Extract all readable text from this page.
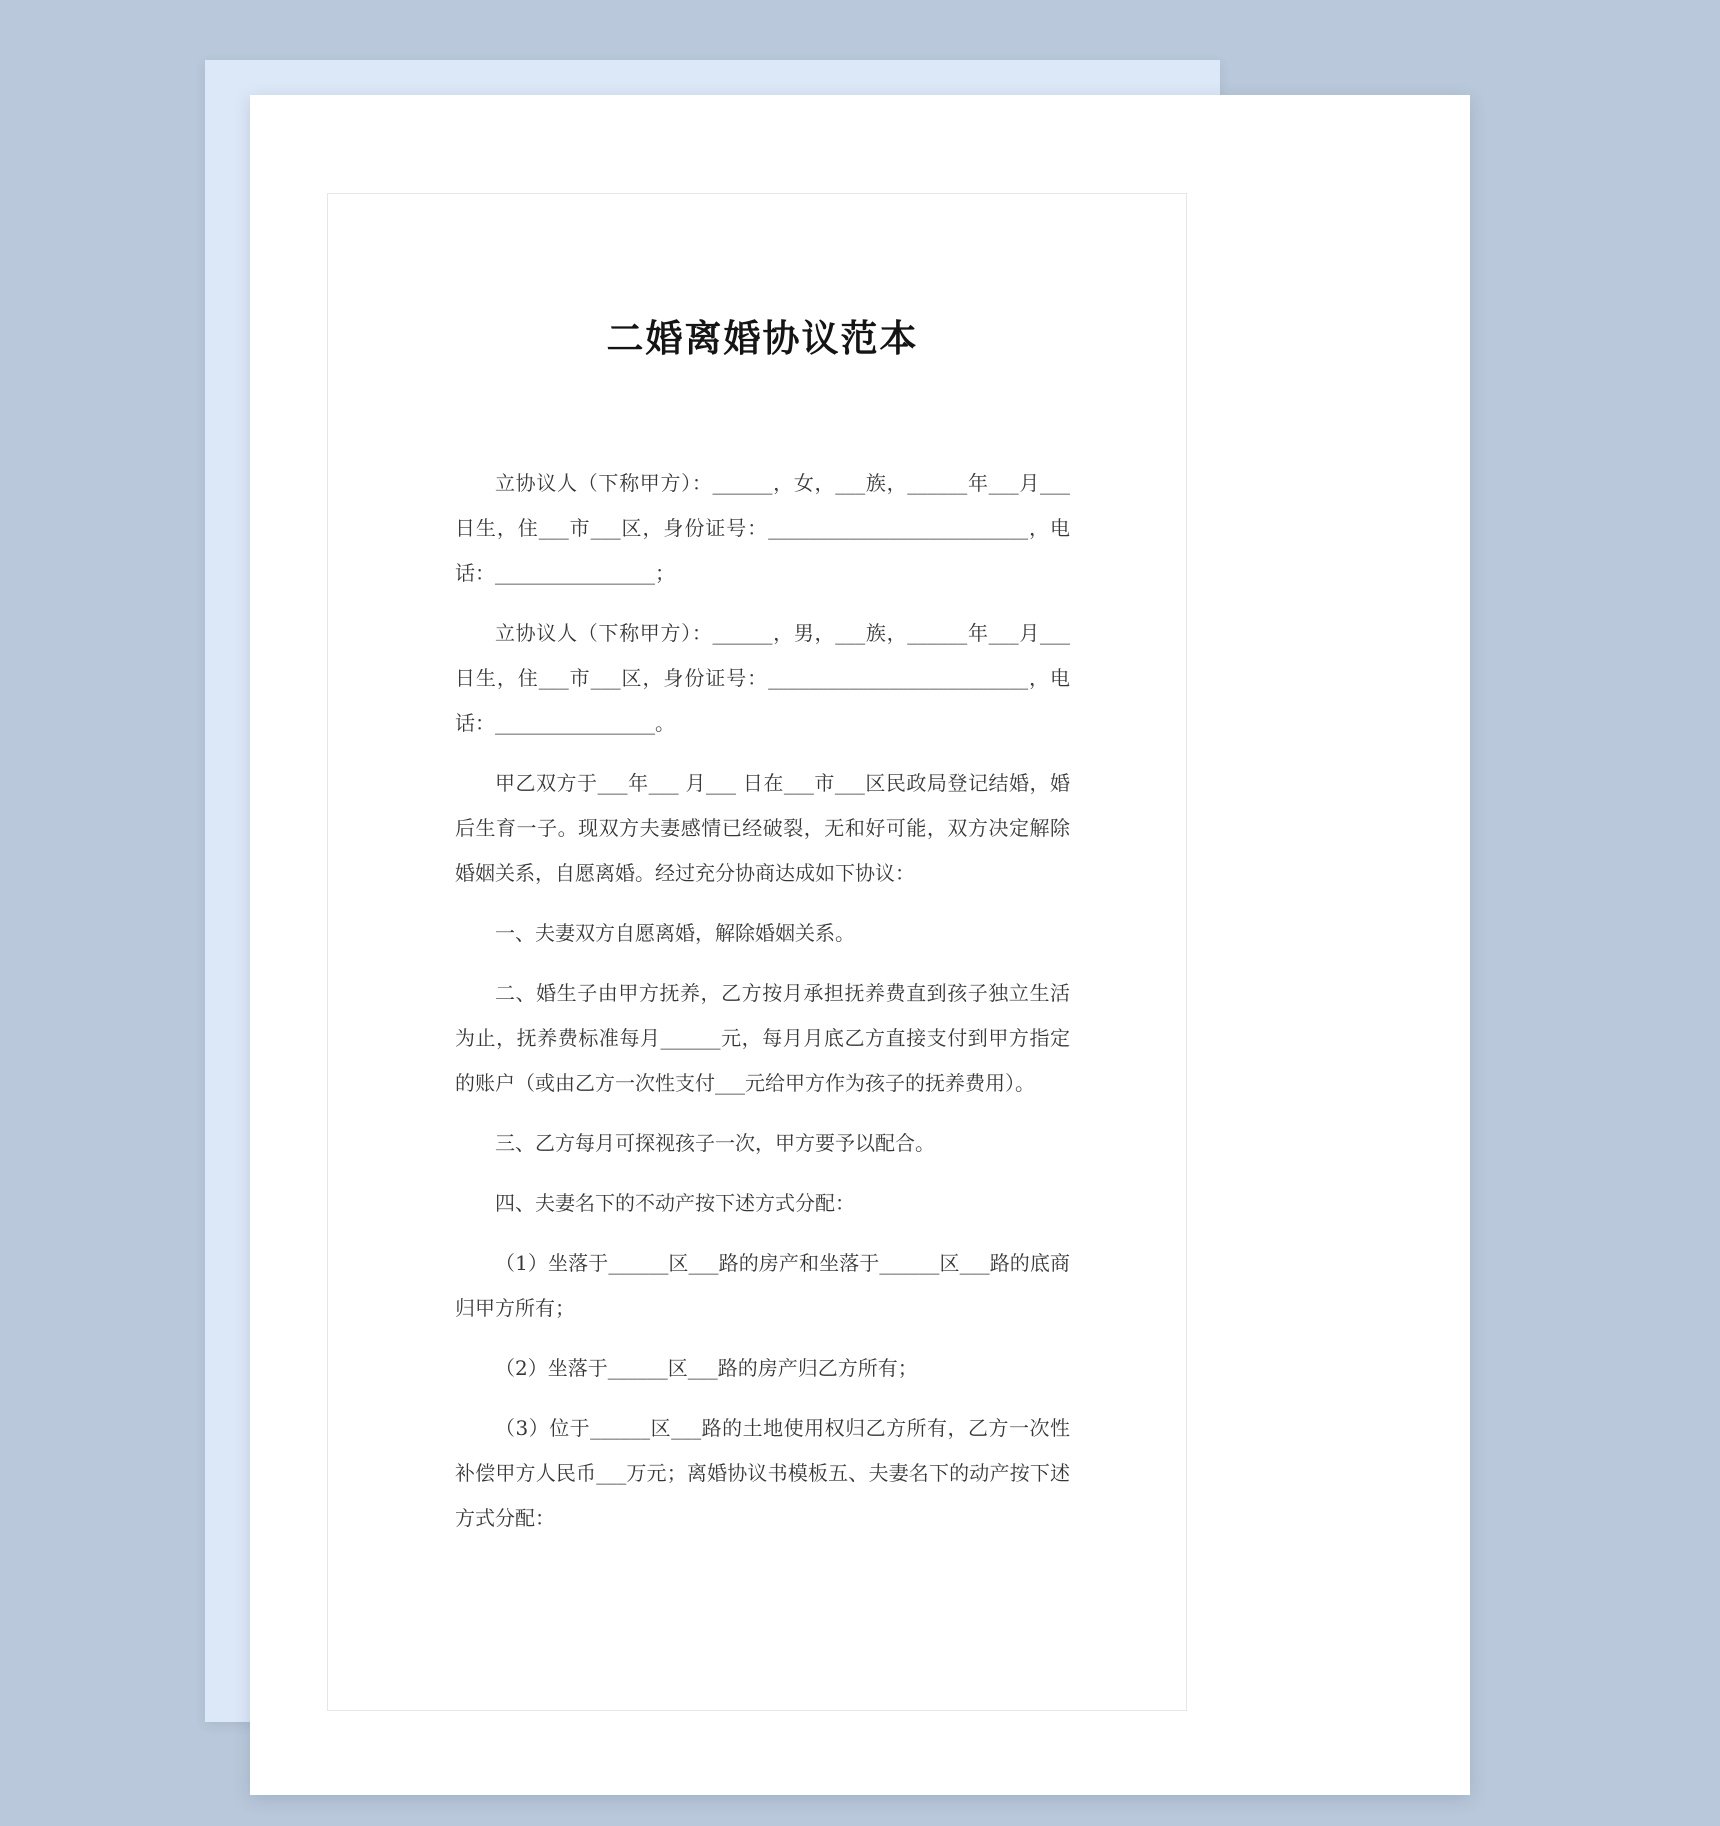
二婚离婚协议范本

立协议人（下称甲方）：______，女，___族，______年___月___日生，住___市___区，身份证号：__________________________，电话：________________；

立协议人（下称甲方）：______，男，___族，______年___月___日生，住___市___区，身份证号：__________________________，电话：________________。

甲乙双方于___年___ 月___ 日在___市___区民政局登记结婚，婚后生育一子。现双方夫妻感情已经破裂，无和好可能，双方决定解除婚姻关系，自愿离婚。经过充分协商达成如下协议：

一、夫妻双方自愿离婚，解除婚姻关系。

二、婚生子由甲方抚养，乙方按月承担抚养费直到孩子独立生活为止，抚养费标准每月______元，每月月底乙方直接支付到甲方指定的账户（或由乙方一次性支付___元给甲方作为孩子的抚养费用）。

三、乙方每月可探视孩子一次，甲方要予以配合。

四、夫妻名下的不动产按下述方式分配：

（1）坐落于______区___路的房产和坐落于______区___路的底商归甲方所有；

（2）坐落于______区___路的房产归乙方所有；

（3）位于______区___路的土地使用权归乙方所有，乙方一次性补偿甲方人民币___万元；离婚协议书模板五、夫妻名下的动产按下述方式分配：
